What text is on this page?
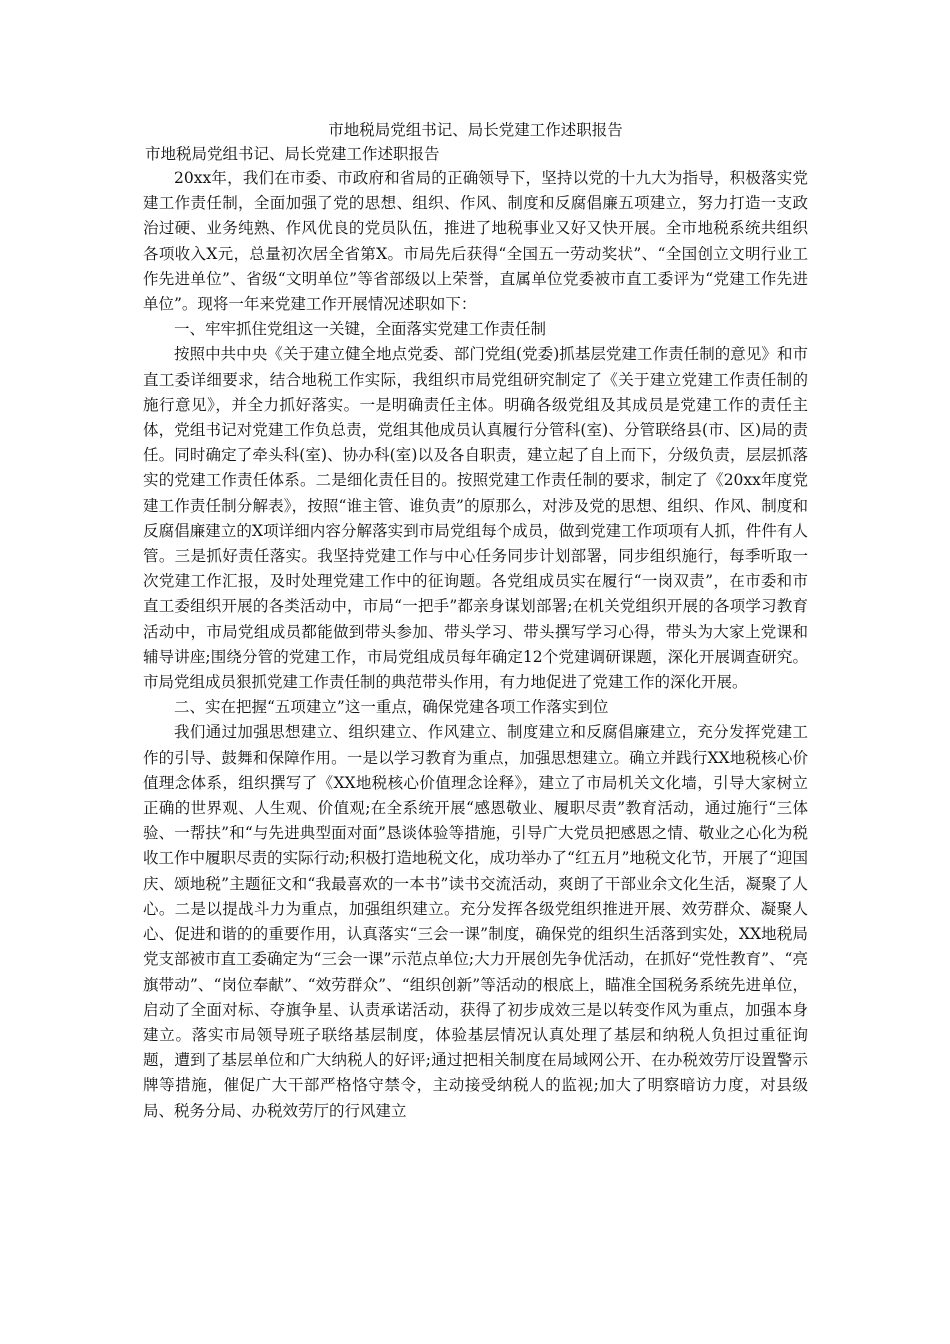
市地税局党组书记、局长党建工作述职报告
市地税局党组书记、局长党建工作述职报告

20xx年，我们在市委、市政府和省局的正确领导下，坚持以党的十九大为指导，积极落实党建工作责任制，全面加强了党的思想、组织、作风、制度和反腐倡廉五项建立，努力打造一支政治过硬、业务纯熟、作风优良的党员队伍，推进了地税事业又好又快开展。全市地税系统共组织各项收入X元，总量初次居全省第X。市局先后获得“全国五一劳动奖状”、“全国创立文明行业工作先进单位”、省级“文明单位”等省部级以上荣誉，直属单位党委被市直工委评为“党建工作先进单位”。现将一年来党建工作开展情况述职如下：

一、牢牢抓住党组这一关键，全面落实党建工作责任制

按照中共中央《关于建立健全地点党委、部门党组(党委)抓基层党建工作责任制的意见》和市直工委详细要求，结合地税工作实际，我组织市局党组研究制定了《关于建立党建工作责任制的施行意见》，并全力抓好落实。一是明确责任主体。明确各级党组及其成员是党建工作的责任主体，党组书记对党建工作负总责，党组其他成员认真履行分管科(室)、分管联络县(市、区)局的责任。同时确定了牵头科(室)、协办科(室)以及各自职责，建立起了自上而下，分级负责，层层抓落实的党建工作责任体系。二是细化责任目的。按照党建工作责任制的要求，制定了《20xx年度党建工作责任制分解表》，按照“谁主管、谁负责”的原那么，对涉及党的思想、组织、作风、制度和反腐倡廉建立的X项详细内容分解落实到市局党组每个成员，做到党建工作项项有人抓，件件有人管。三是抓好责任落实。我坚持党建工作与中心任务同步计划部署，同步组织施行，每季听取一次党建工作汇报，及时处理党建工作中的征询题。各党组成员实在履行“一岗双责”，在市委和市直工委组织开展的各类活动中，市局“一把手”都亲身谋划部署;在机关党组织开展的各项学习教育活动中，市局党组成员都能做到带头参加、带头学习、带头撰写学习心得，带头为大家上党课和辅导讲座;围绕分管的党建工作，市局党组成员每年确定12个党建调研课题，深化开展调查研究。市局党组成员狠抓党建工作责任制的典范带头作用，有力地促进了党建工作的深化开展。

二、实在把握“五项建立”这一重点，确保党建各项工作落实到位

我们通过加强思想建立、组织建立、作风建立、制度建立和反腐倡廉建立，充分发挥党建工作的引导、鼓舞和保障作用。一是以学习教育为重点，加强思想建立。确立并践行XX地税核心价值理念体系，组织撰写了《XX地税核心价值理念诠释》，建立了市局机关文化墙，引导大家树立正确的世界观、人生观、价值观;在全系统开展“感恩敬业、履职尽责”教育活动，通过施行“三体验、一帮扶”和“与先进典型面对面”恳谈体验等措施，引导广大党员把感恩之情、敬业之心化为税收工作中履职尽责的实际行动;积极打造地税文化，成功举办了“红五月”地税文化节，开展了“迎国庆、颂地税”主题征文和“我最喜欢的一本书”读书交流活动，爽朗了干部业余文化生活，凝聚了人心。二是以提战斗力为重点，加强组织建立。充分发挥各级党组织推进开展、效劳群众、凝聚人心、促进和谐的的重要作用，认真落实“三会一课”制度，确保党的组织生活落到实处，XX地税局党支部被市直工委确定为“三会一课”示范点单位;大力开展创先争优活动，在抓好“党性教育”、“亮旗带动”、“岗位奉献”、“效劳群众”、“组织创新”等活动的根底上，瞄准全国税务系统先进单位，启动了全面对标、夺旗争星、认责承诺活动，获得了初步成效三是以转变作风为重点，加强本身建立。落实市局领导班子联络基层制度，体验基层情况认真处理了基层和纳税人负担过重征询题，遭到了基层单位和广大纳税人的好评;通过把相关制度在局域网公开、在办税效劳厅设置警示牌等措施，催促广大干部严格恪守禁令，主动接受纳税人的监视;加大了明察暗访力度，对县级局、税务分局、办税效劳厅的行风建立
